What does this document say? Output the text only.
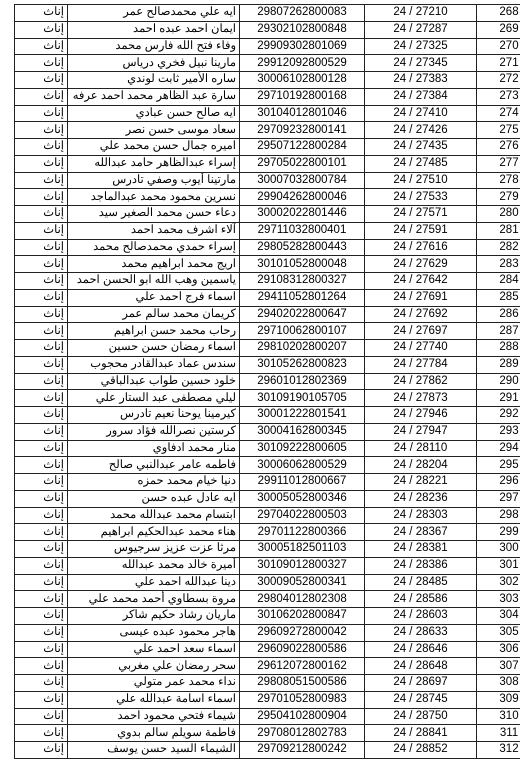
إناث	ايه علي محمدصالح عمر	29807262800083	24 / 27210	268
إناث	ايمان احمد عبده احمد	29302102800848	24 / 27287	269
إناث	وفاء فتح الله فارس محمد	29909302801069	24 / 27325	270
إناث	مارينا نبيل فخري درياس	29912092800529	24 / 27345	271
إناث	ساره الأمير ثابت لوندي	30006102800128	24 / 27383	272
إناث	سارة عبد الظاهر محمد احمد عرفه	29710192800168	24 / 27384	273
إناث	ايه صالح حسن عبادي	30104012801046	24 / 27410	274
إناث	سعاد موسى حسن نصر	29709232800141	24 / 27426	275
إناث	اميره جمال حسن محمد علي	29507122800284	24 / 27435	276
إناث	إسراء عبدالظاهر حامد عبدالله	29705022800101	24 / 27485	277
إناث	مارتينا أيوب وصفي تادرس	30007032800784	24 / 27510	278
إناث	نسرين محمود محمد عبدالماجد	29904262800046	24 / 27533	279
إناث	دعاء حسن محمد الصغير سيد	30002022801446	24 / 27571	280
إناث	آلاء اشرف محمد احمد	29711032800401	24 / 27591	281
إناث	إسراء حمدي محمدصالح محمد	29805282800443	24 / 27616	282
إناث	اريج محمد ابراهيم محمد	30101052800048	24 / 27629	283
إناث	ياسمين وهب الله ابو الحسن احمد	29108312800327	24 / 27642	284
إناث	اسماء فرج احمد علي	29411052801264	24 / 27691	285
إناث	كريمان محمد سالم عمر	29402022800647	24 / 27692	286
إناث	رحاب محمد حسن ابراهيم	29710062800107	24 / 27697	287
إناث	اسماء رمضان حسن حسين	29810202800207	24 / 27740	288
إناث	سندس عماد عبدالقادر محجوب	30105262800823	24 / 27784	289
إناث	خلود حسين طواب عبدالباقي	29601012802369	24 / 27862	290
إناث	ليلي مصطفى عبد الستار علي	30109190105705	24 / 27873	291
إناث	كيرمينا يوحنا نعيم تادرس	30001222801541	24 / 27946	292
إناث	كرستين نصرالله فؤاد سرور	30004162800345	24 / 27947	293
إناث	منار محمد ادفاوي	30109222800605	24 / 28110	294
إناث	فاطمه عامر عبدالنبي صالح	30006062800529	24 / 28204	295
إناث	دنيا خيام محمد حمزه	29911012800667	24 / 28221	296
إناث	ايه عادل عبده حسن	30005052800346	24 / 28236	297
إناث	ابتسام محمد عبدالله محمد	29704022800503	24 / 28303	298
إناث	هناء محمد عبدالحكيم ابراهيم	29701122800366	24 / 28367	299
إناث	مرثا عزت عزيز سرجيوس	30005182501103	24 / 28381	300
إناث	أميرة خالد محمد عبدالله	30109012800327	24 / 28386	301
إناث	دينا عبدالله احمد علي	30009052800341	24 / 28485	302
إناث	مروة بسطاوي أحمد محمد علي	29804012802308	24 / 28586	303
إناث	ماريان رشاد حكيم شاكر	30106202800847	24 / 28603	304
إناث	هاجر محمود عبده عيسى	29609272800042	24 / 28633	305
إناث	اسماء سعد احمد علي	29609022800586	24 / 28646	306
إناث	سحر رمضان علي مغربي	29612072800162	24 / 28648	307
إناث	نداء محمد عمر متولي	29808051500586	24 / 28697	308
إناث	اسماء اسامة عبدالله علي	29701052800983	24 / 28745	309
إناث	شيماء فتحي محمود احمد	29504102800904	24 / 28750	310
إناث	فاطمة سويلم سالم بدوي	29708012802783	24 / 28841	311
إناث	الشيماء السيد حسن يوسف	29709212800242	24 / 28852	312
